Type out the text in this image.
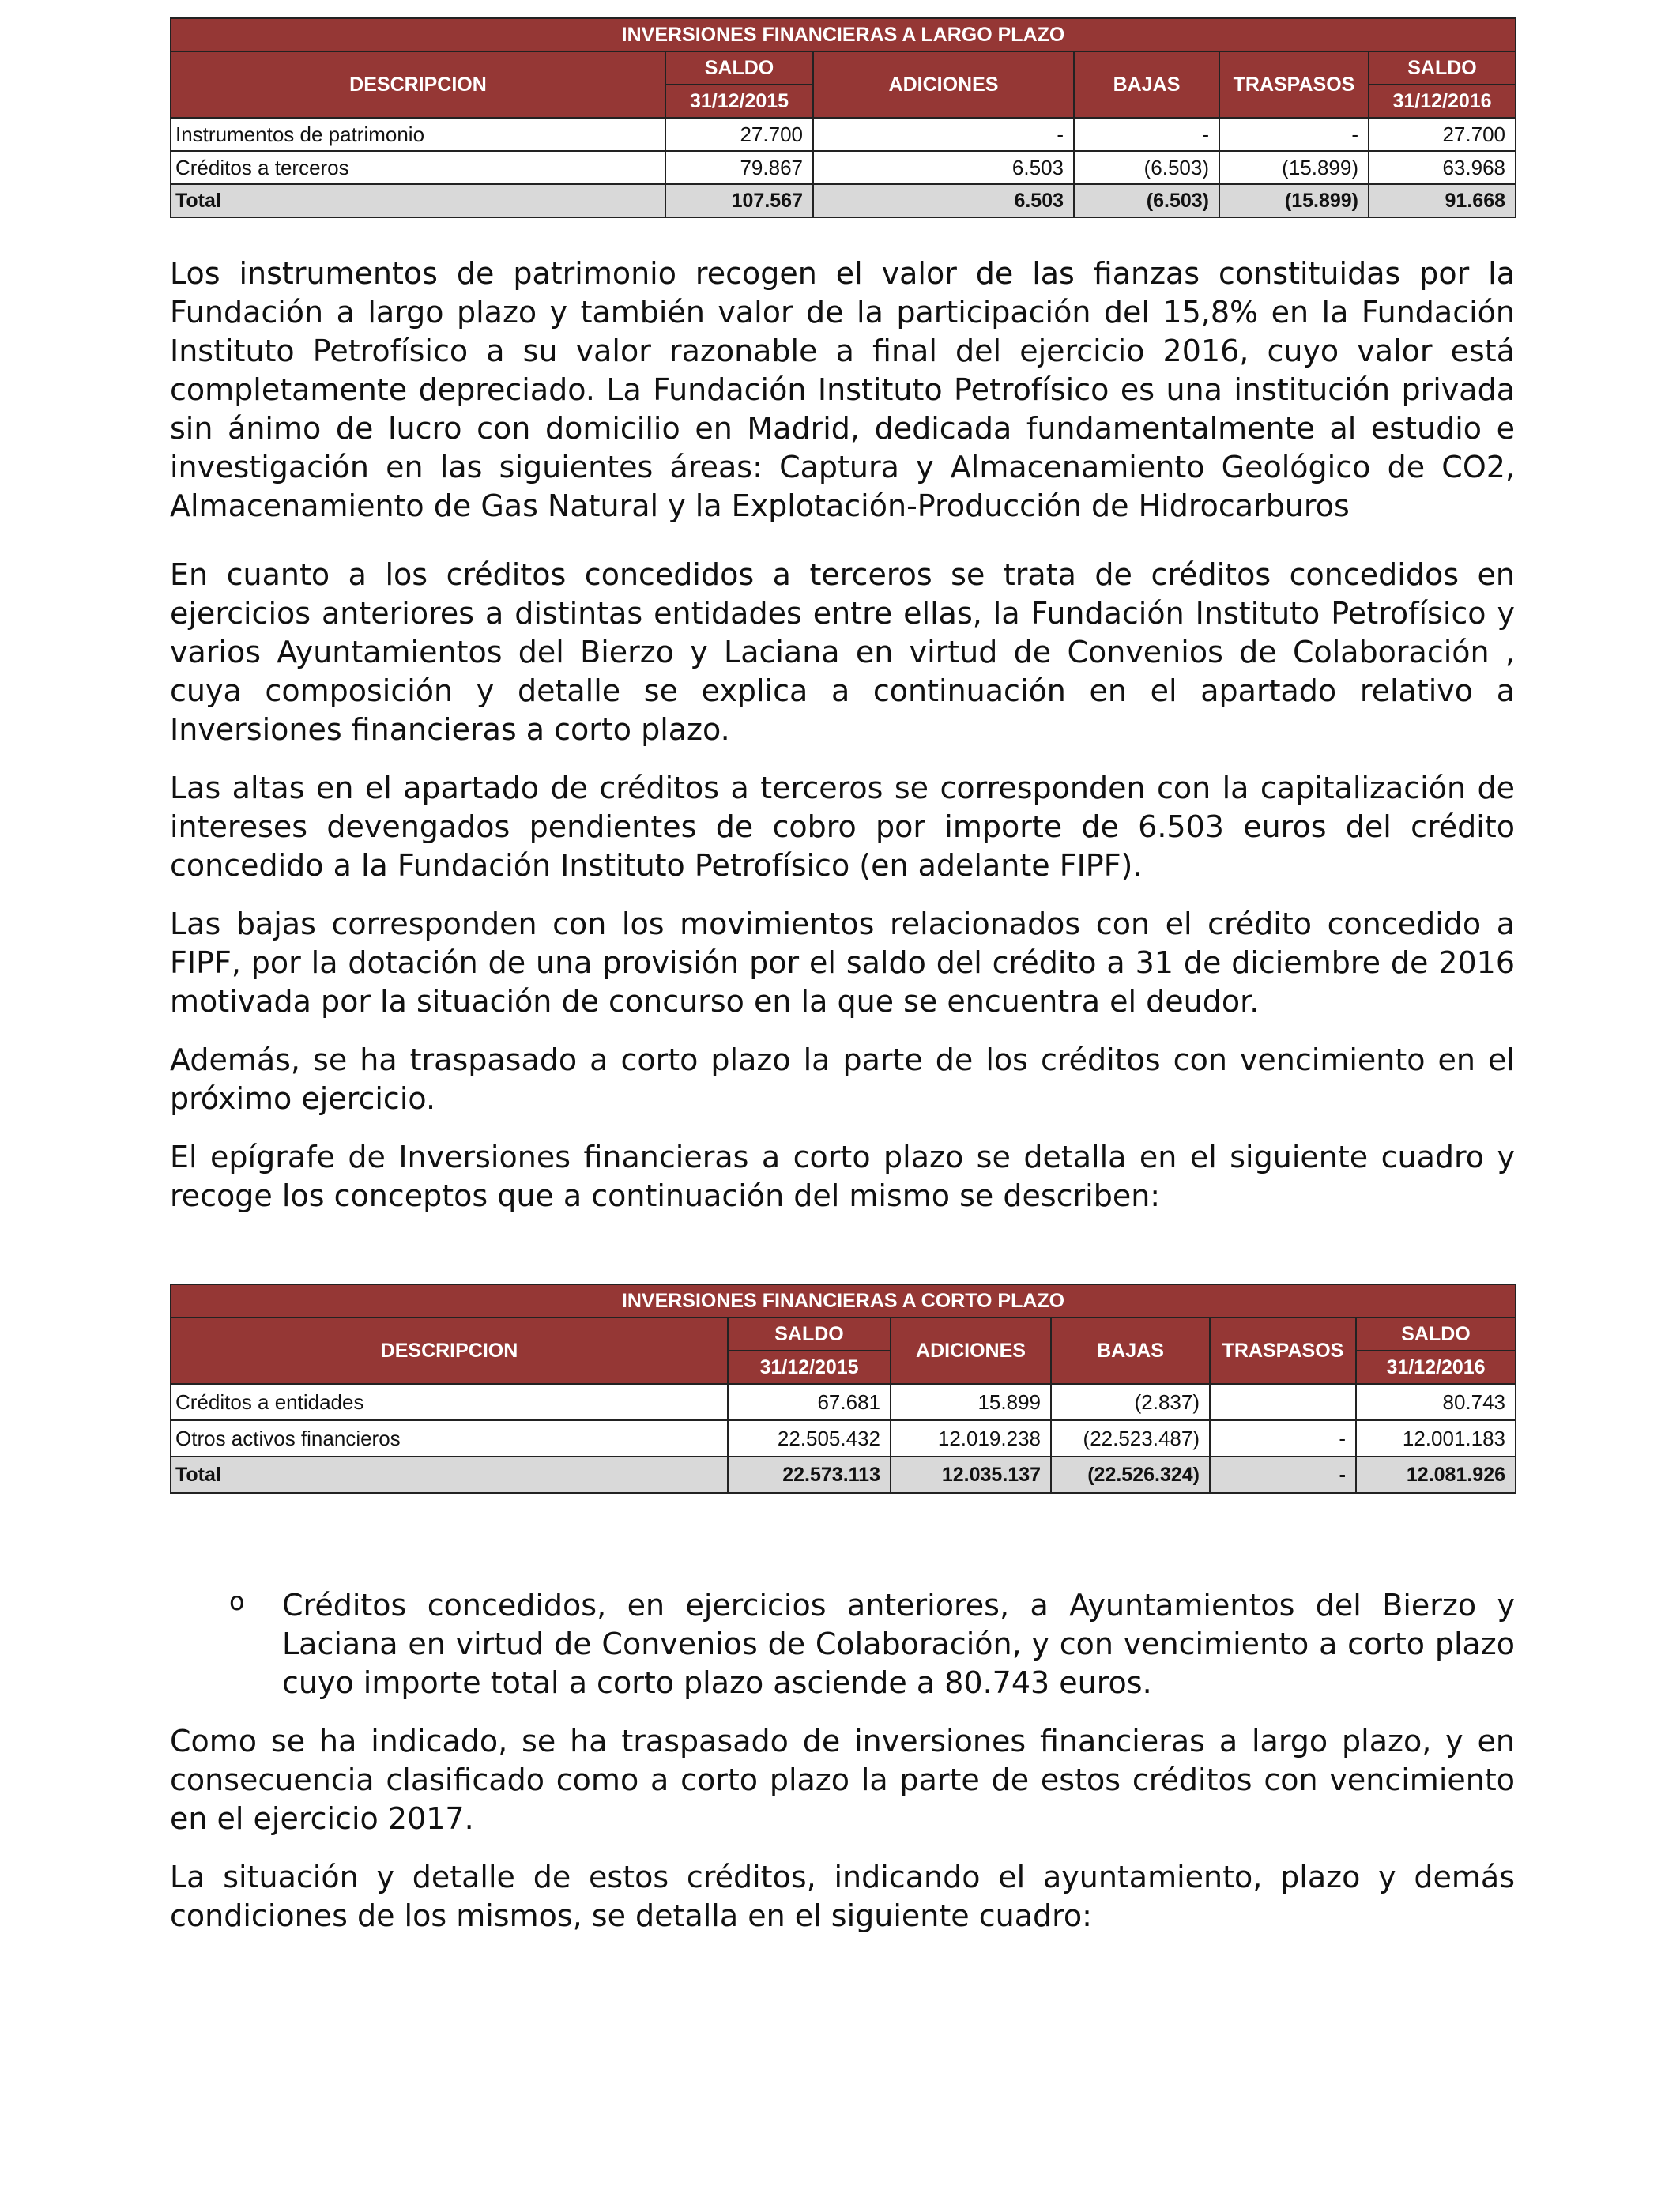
INVERSIONES FINANCIERAS A LARGO PLAZO					
DESCRIPCION	SALDO	ADICIONES	BAJAS	TRASPASOS	SALDO
	31/12/2015				31/12/2016
Instrumentos de patrimonio	27.700	-	-	-	27.700
Créditos a terceros	79.867	6.503	(6.503)	(15.899)	63.968
Total	107.567	6.503	(6.503)	(15.899)	91.668

Los instrumentos de patrimonio recogen el valor de las fianzas constituidas por la Fundación a largo plazo y también valor de la participación del 15,8% en la Fundación Instituto Petrofísico a su valor razonable a final del ejercicio 2016, cuyo valor está completamente depreciado. La Fundación Instituto Petrofísico es una institución privada sin ánimo de lucro con domicilio en Madrid, dedicada fundamentalmente al estudio e investigación en las siguientes áreas: Captura y Almacenamiento Geológico de CO2, Almacenamiento de Gas Natural y la Explotación-Producción de Hidrocarburos

En cuanto a los créditos concedidos a terceros se trata de créditos concedidos en ejercicios anteriores a distintas entidades entre ellas, la Fundación Instituto Petrofísico y varios Ayuntamientos del Bierzo y Laciana en virtud de Convenios de Colaboración , cuya composición y detalle se explica a continuación en el apartado relativo a Inversiones financieras a corto plazo.

Las altas en el apartado de créditos a terceros se corresponden con la capitalización de intereses devengados pendientes de cobro por importe de 6.503 euros del crédito concedido a la Fundación Instituto Petrofísico (en adelante FIPF).

Las bajas corresponden con los movimientos relacionados con el crédito concedido a FIPF, por la dotación de una provisión por el saldo del crédito a 31 de diciembre de 2016 motivada por la situación de concurso en la que se encuentra el deudor.

Además, se ha traspasado a corto plazo la parte de los créditos con vencimiento en el próximo ejercicio.

El epígrafe de Inversiones financieras a corto plazo se detalla en el siguiente cuadro y recoge los conceptos que a continuación del mismo se describen:

INVERSIONES FINANCIERAS A CORTO PLAZO					
DESCRIPCION	SALDO	ADICIONES	BAJAS	TRASPASOS	SALDO
	31/12/2015				31/12/2016
Créditos a entidades	67.681	15.899	(2.837)		80.743
Otros activos financieros	22.505.432	12.019.238	(22.523.487)	-	12.001.183
Total	22.573.113	12.035.137	(22.526.324)	-	12.081.926
o Créditos concedidos, en ejercicios anteriores, a Ayuntamientos del Bierzo y Laciana en virtud de Convenios de Colaboración, y con vencimiento a corto plazo cuyo importe total a corto plazo asciende a 80.743 euros.

Como se ha indicado, se ha traspasado de inversiones financieras a largo plazo, y en consecuencia clasificado como a corto plazo la parte de estos créditos con vencimiento en el ejercicio 2017.

La situación y detalle de estos créditos, indicando el ayuntamiento, plazo y demás condiciones de los mismos, se detalla en el siguiente cuadro:
